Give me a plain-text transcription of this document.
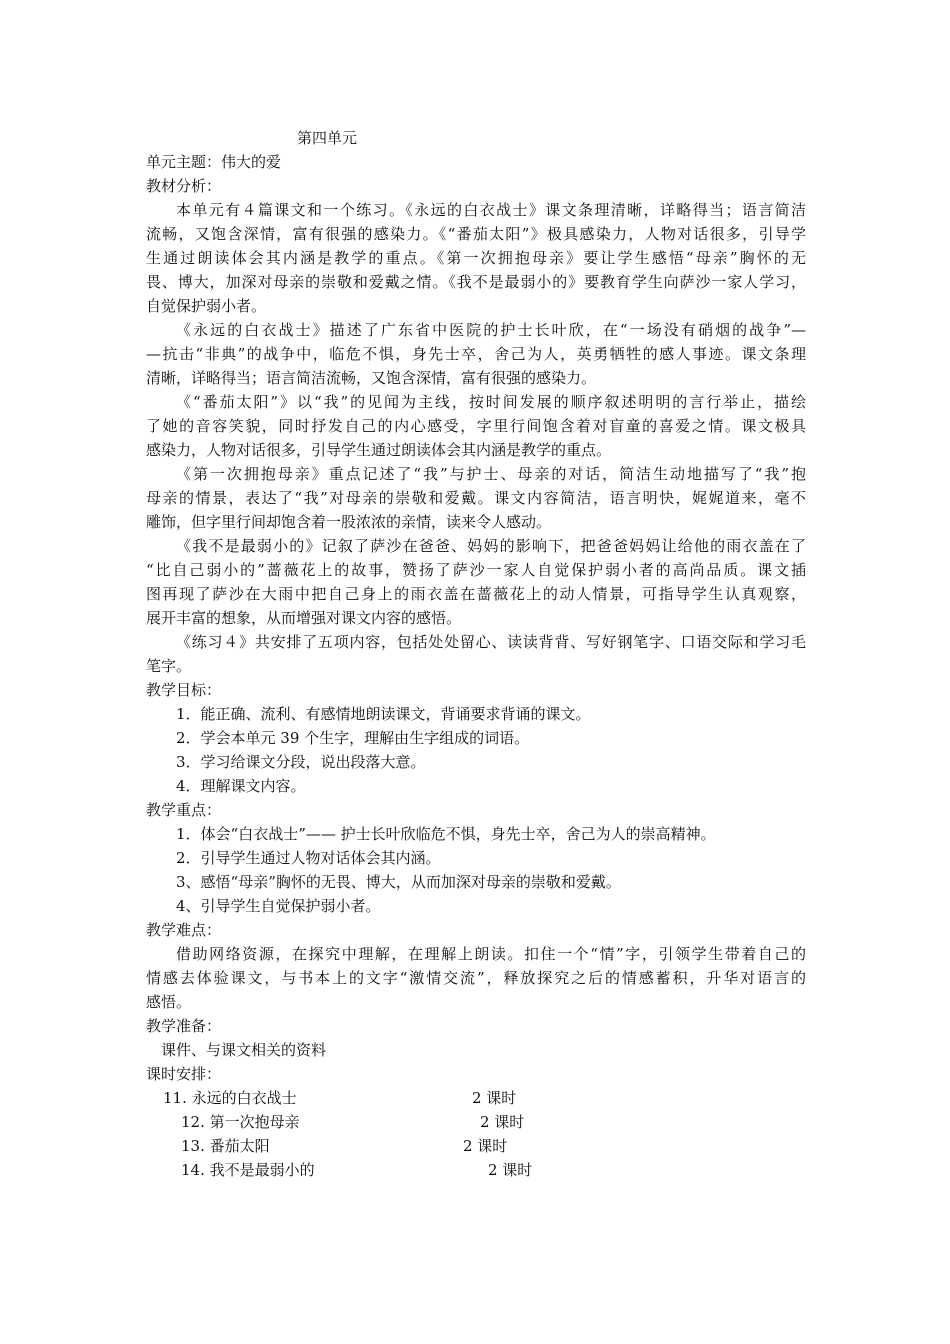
第四单元
单元主题：伟大的爱
教材分析：
本单元有４篇课文和一个练习。《永远的白衣战士》课文条理清晰，详略得当；语言简洁
流畅，又饱含深情，富有很强的感染力。《“番茄太阳”》极具感染力，人物对话很多，引导学
生通过朗读体会其内涵是教学的重点。《第一次拥抱母亲》要让学生感悟“母亲”胸怀的无
畏、博大，加深对母亲的崇敬和爱戴之情。《我不是最弱小的》要教育学生向萨沙一家人学习，
自觉保护弱小者。
《永远的白衣战士》描述了广东省中医院的护士长叶欣，在“一场没有硝烟的战争”—
—抗击“非典”的战争中，临危不惧，身先士卒，舍己为人，英勇牺牲的感人事迹。课文条理
清晰，详略得当；语言简洁流畅，又饱含深情，富有很强的感染力。
《“番茄太阳”》以“我”的见闻为主线，按时间发展的顺序叙述明明的言行举止，描绘
了她的音容笑貌，同时抒发自己的内心感受，字里行间饱含着对盲童的喜爱之情。课文极具
感染力，人物对话很多，引导学生通过朗读体会其内涵是教学的重点。
《第一次拥抱母亲》重点记述了“我”与护士、母亲的对话，简洁生动地描写了“我”抱
母亲的情景，表达了“我”对母亲的崇敬和爱戴。课文内容简洁，语言明快，娓娓道来，毫不
雕饰，但字里行间却饱含着一股浓浓的亲情，读来令人感动。
《我不是最弱小的》记叙了萨沙在爸爸、妈妈的影响下，把爸爸妈妈让给他的雨衣盖在了
“比自己弱小的”蔷薇花上的故事，赞扬了萨沙一家人自觉保护弱小者的高尚品质。课文插
图再现了萨沙在大雨中把自己身上的雨衣盖在蔷薇花上的动人情景，可指导学生认真观察，
展开丰富的想象，从而增强对课文内容的感悟。
《练习４》共安排了五项内容，包括处处留心、读读背背、写好钢笔字、口语交际和学习毛
笔字。
教学目标：
1．能正确、流利、有感情地朗读课文，背诵要求背诵的课文。
2．学会本单元 39 个生字，理解由生字组成的词语。
3．学习给课文分段，说出段落大意。
4．理解课文内容。
教学重点：
1．体会“白衣战士”—— 护士长叶欣临危不惧，身先士卒，舍己为人的崇高精神。
2．引导学生通过人物对话体会其内涵。
3、感悟“母亲”胸怀的无畏、博大，从而加深对母亲的崇敬和爱戴。
4、引导学生自觉保护弱小者。
教学难点：
借助网络资源，在探究中理解，在理解上朗读。扣住一个“情”字，引领学生带着自己的
情感去体验课文，与书本上的文字“激情交流”，释放探究之后的情感蓄积，升华对语言的
感悟。
教学准备：
课件、与课文相关的资料
课时安排：
11. 永远的白衣战士	2 课时
12. 第一次抱母亲	2 课时
13. 番茄太阳	2 课时
14. 我不是最弱小的	2 课时
